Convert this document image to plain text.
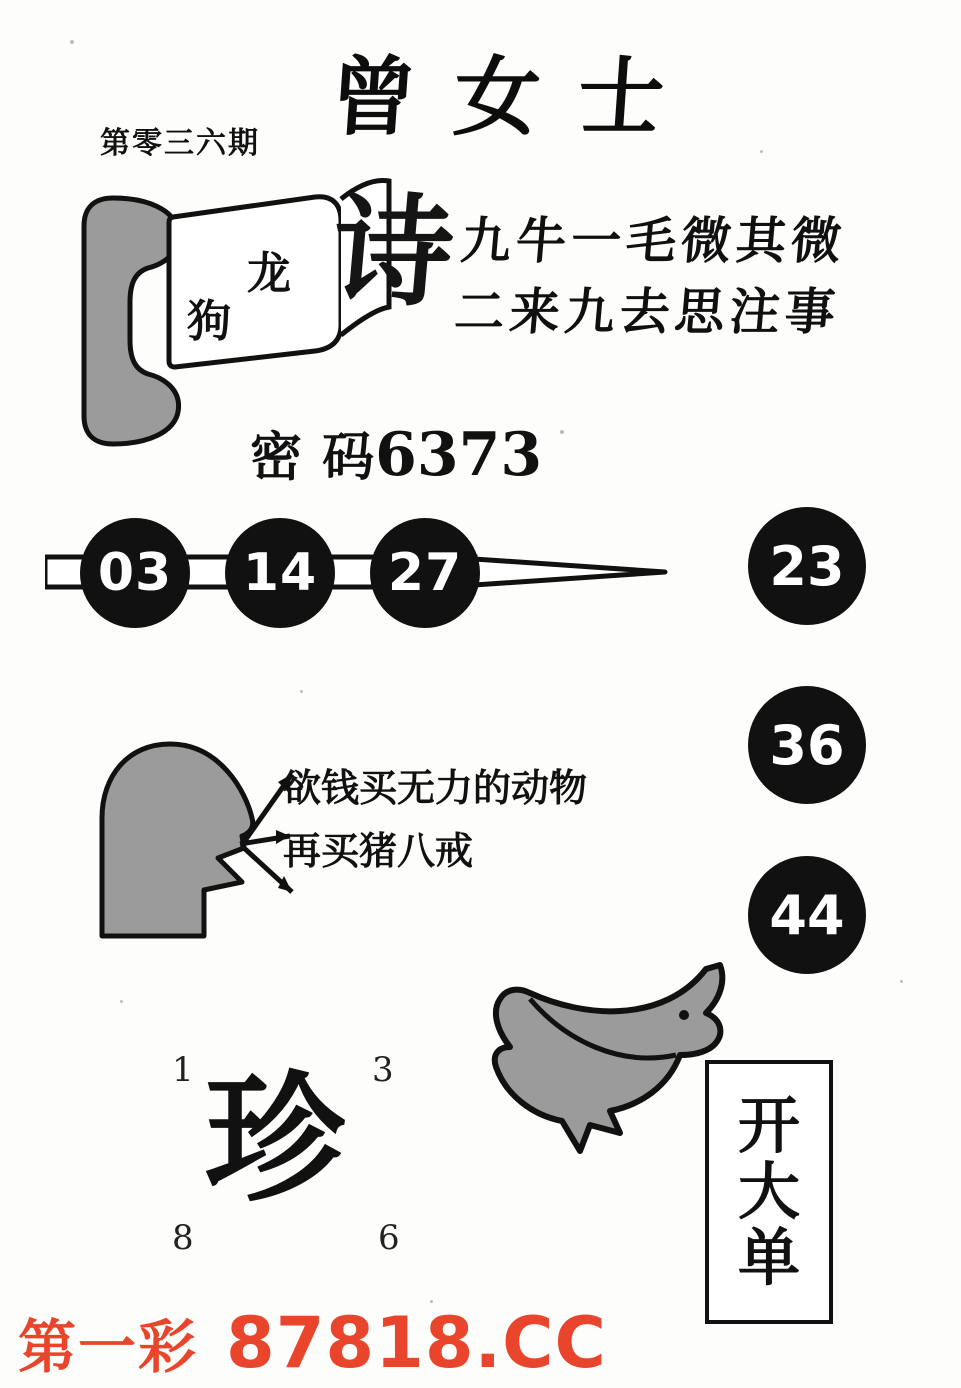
第零三六期 曾女士
龙
狗 诗 九牛一毛微其微
二来九去思注事
密 码6373
03	14	27	23
36
44
欲钱买无力的动物
再买猪八戒
1	3
8	6
珍	开
大
单
第一彩 87818.CC
